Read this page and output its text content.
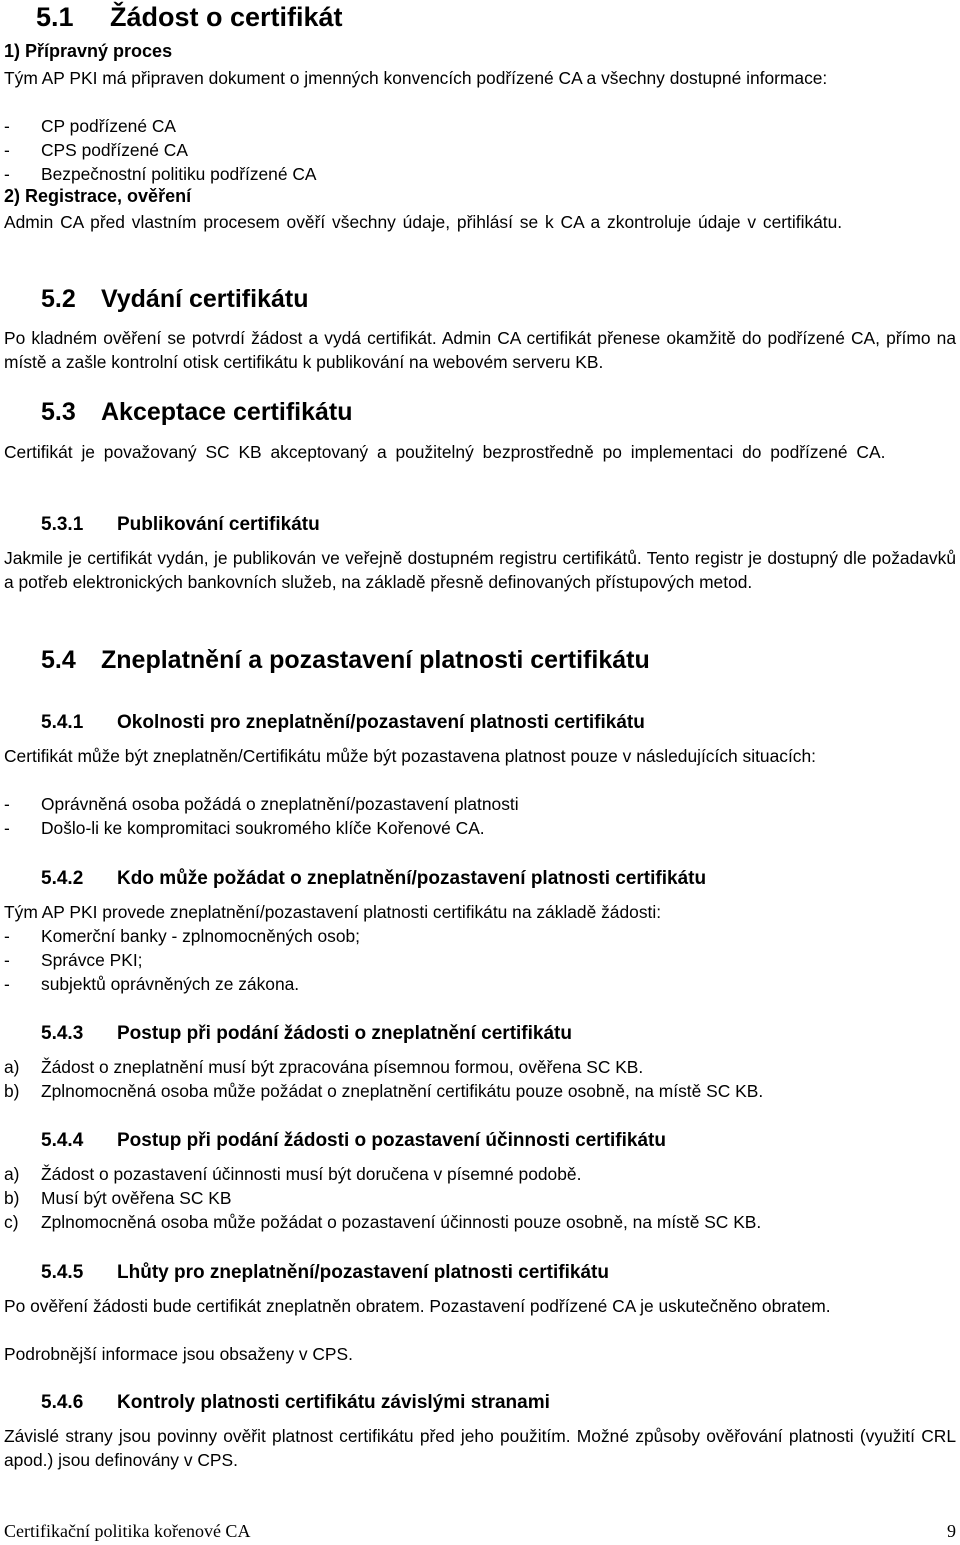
5.1 Žádost o certifikát
1) Přípravný proces
Tým AP PKI má připraven dokument o jmenných konvencích podřízené CA a všechny dostupné informace:
- CP podřízené CA
- CPS podřízené CA
- Bezpečnostní politiku podřízené CA
2) Registrace, ověření
Admin CA před vlastním procesem ověří všechny údaje, přihlásí se k CA a zkontroluje údaje v certifikátu.
5.2 Vydání certifikátu
Po kladném ověření se potvrdí žádost a vydá certifikát. Admin CA certifikát přenese okamžitě do podřízené CA, přímo na místě a zašle kontrolní otisk certifikátu k publikování na webovém serveru KB.
5.3 Akceptace certifikátu
Certifikát je považovaný SC KB akceptovaný a použitelný bezprostředně po implementaci do podřízené CA.
5.3.1 Publikování certifikátu
Jakmile je certifikát vydán, je publikován ve veřejně dostupném registru certifikátů. Tento registr je dostupný dle požadavků a potřeb elektronických bankovních služeb, na základě přesně definovaných přístupových metod.
5.4 Zneplatnění a pozastavení platnosti certifikátu
5.4.1 Okolnosti pro zneplatnění/pozastavení platnosti certifikátu
Certifikát může být zneplatněn/Certifikátu může být pozastavena platnost pouze v následujících situacích:
- Oprávněná osoba požádá o zneplatnění/pozastavení platnosti
- Došlo-li ke kompromitaci soukromého klíče Kořenové CA.
5.4.2 Kdo může požádat o zneplatnění/pozastavení platnosti certifikátu
Tým AP PKI provede zneplatnění/pozastavení platnosti certifikátu na základě žádosti:
- Komerční banky - zplnomocněných osob;
- Správce PKI;
- subjektů oprávněných ze zákona.
5.4.3 Postup při podání žádosti o zneplatnění certifikátu
a) Žádost o zneplatnění musí být zpracována písemnou formou, ověřena SC KB.
b) Zplnomocněná osoba může požádat o zneplatnění certifikátu pouze osobně, na místě SC KB.
5.4.4 Postup při podání žádosti o pozastavení účinnosti certifikátu
a) Žádost o pozastavení účinnosti musí být doručena v písemné podobě.
b) Musí být ověřena SC KB
c) Zplnomocněná osoba může požádat o pozastavení účinnosti pouze osobně, na místě SC KB.
5.4.5 Lhůty pro zneplatnění/pozastavení platnosti certifikátu
Po ověření žádosti bude certifikát zneplatněn obratem. Pozastavení podřízené CA je uskutečněno obratem.
Podrobnější informace jsou obsaženy v CPS.
5.4.6 Kontroly platnosti certifikátu závislými stranami
Závislé strany jsou povinny ověřit platnost certifikátu před jeho použitím. Možné způsoby ověřování platnosti (využití CRL apod.) jsou definovány v CPS.
Certifikační politika kořenové CA	9
